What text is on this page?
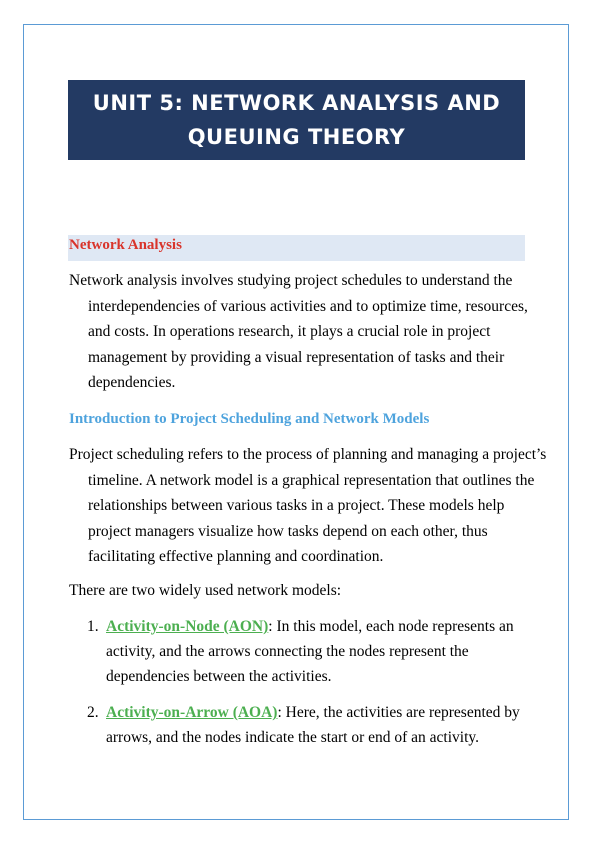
UNIT 5: NETWORK ANALYSIS AND QUEUING THEORY
Network Analysis

Network analysis involves studying project schedules to understand the interdependencies of various activities and to optimize time, resources, and costs. In operations research, it plays a crucial role in project management by providing a visual representation of tasks and their dependencies.

Introduction to Project Scheduling and Network Models

Project scheduling refers to the process of planning and managing a project’s timeline. A network model is a graphical representation that outlines the relationships between various tasks in a project. These models help project managers visualize how tasks depend on each other, thus facilitating effective planning and coordination.

There are two widely used network models:
1. Activity-on-Node (AON): In this model, each node represents an activity, and the arrows connecting the nodes represent the dependencies between the activities.
2. Activity-on-Arrow (AOA): Here, the activities are represented by arrows, and the nodes indicate the start or end of an activity.
